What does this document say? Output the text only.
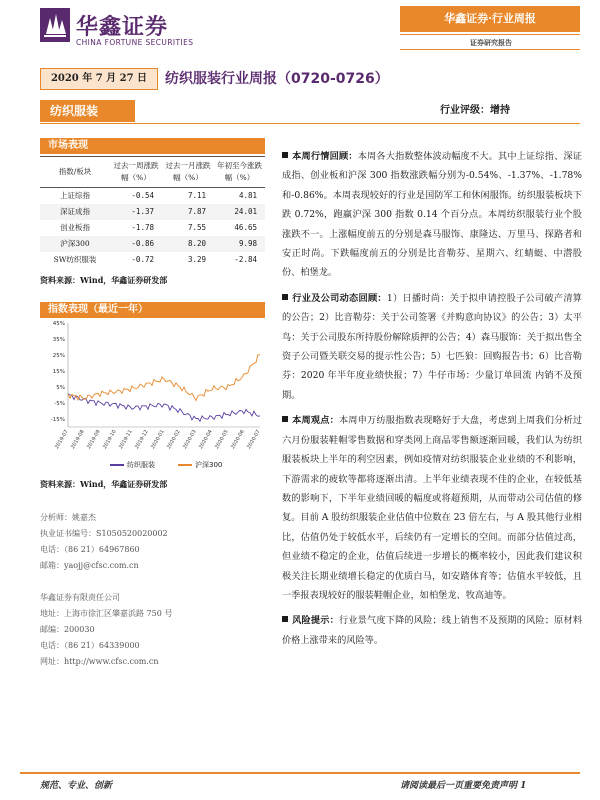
华鑫证券
CHINA FORTUNE SECURITIES
华鑫证券·行业周报
证券研究报告
2020 年 7 月 27 日	纺织服装行业周报（0720-0726）
纺织服装	行业评级：增持
市场表现
指数/板块	过去一周涨跌幅（%）	过去一月涨跌幅（%）	年初至今涨跌幅（%）
上证综指	-0.54	7.11	4.81
深证成指	-1.37	7.87	24.01
创业板指	-1.78	7.55	46.65
沪深300	-0.86	8.20	9.98
SW纺织服装	-0.72	3.29	-2.84
资料来源：Wind，华鑫证券研发部
指数表现（最近一年）
45%
35%
25%
15%
5%
-5%
-15%
2019-07 2019-08 2019-09 2019-10 2019-11 2019-12 2020-01 2020-02 2020-03 2020-04 2020-05 2020-06 2020-07
纺织服装	沪深300
资料来源：Wind，华鑫证券研发部
分析师：姚嘉杰
执业证书编号：S1050520020002
电话：（86 21）64967860
邮箱：yaojj@cfsc.com.cn
华鑫证券有限责任公司
地址：上海市徐汇区肇嘉浜路 750 号
邮编：200030
电话：（86 21）64339000
网址：http://www.cfsc.com.cn

本周行情回顾：本周各大指数整体波动幅度不大。其中上证综指、深证成指、创业板和沪深 300 指数涨跌幅分别为-0.54%、-1.37%、-1.78%和-0.86%。本周表现较好的行业是国防军工和休闲服饰。纺织服装板块下跌 0.72%，跑赢沪深 300 指数 0.14 个百分点。本周纺织服装行业个股涨跌不一。上涨幅度前五的分别是森马服饰、康隆达、万里马、探路者和安正时尚。下跌幅度前五的分别是比音勒芬、星期六、红蜻蜓、中潜股份、柏堡龙。

行业及公司动态回顾：1）日播时尚：关于拟申请控股子公司破产清算的公告；2）比音勒芬：关于公司签署《并购意向协议》的公告；3）太平鸟：关于公司股东所持股份解除质押的公告；4）森马服饰：关于拟出售全资子公司暨关联交易的提示性公告；5）七匹狼：回购报告书；6）比音勒芬：2020 年半年度业绩快报；7）牛仔市场：少量订单回流 内销不及预期。

本周观点：本周申万纺服指数表现略好于大盘，考虑到上周我们分析过六月份服装鞋帽零售数据和穿类网上商品零售额逐渐回暖，我们认为纺织服装板块上半年的利空因素，例如疫情对纺织服装企业业绩的不利影响，下游需求的疲软等都将逐渐出清。上半年业绩表现不佳的企业，在较低基数的影响下，下半年业绩回暖的幅度或将超预期，从而带动公司估值的修复。目前 A 股纺织服装企业估值中位数在 23 倍左右，与 A 股其他行业相比，估值仍处于较低水平，后续仍有一定增长的空间。而部分估值过高，但业绩不稳定的企业，估值后续进一步增长的概率较小，因此我们建议积极关注长期业绩增长稳定的优质白马，如安踏体育等；估值水平较低，且一季报表现较好的服装鞋帽企业，如柏堡龙、牧高迪等。

风险提示：行业景气度下降的风险；线上销售不及预期的风险；原材料价格上涨带来的风险等。

规范、专业、创新	请阅读最后一页重要免责声明 1
